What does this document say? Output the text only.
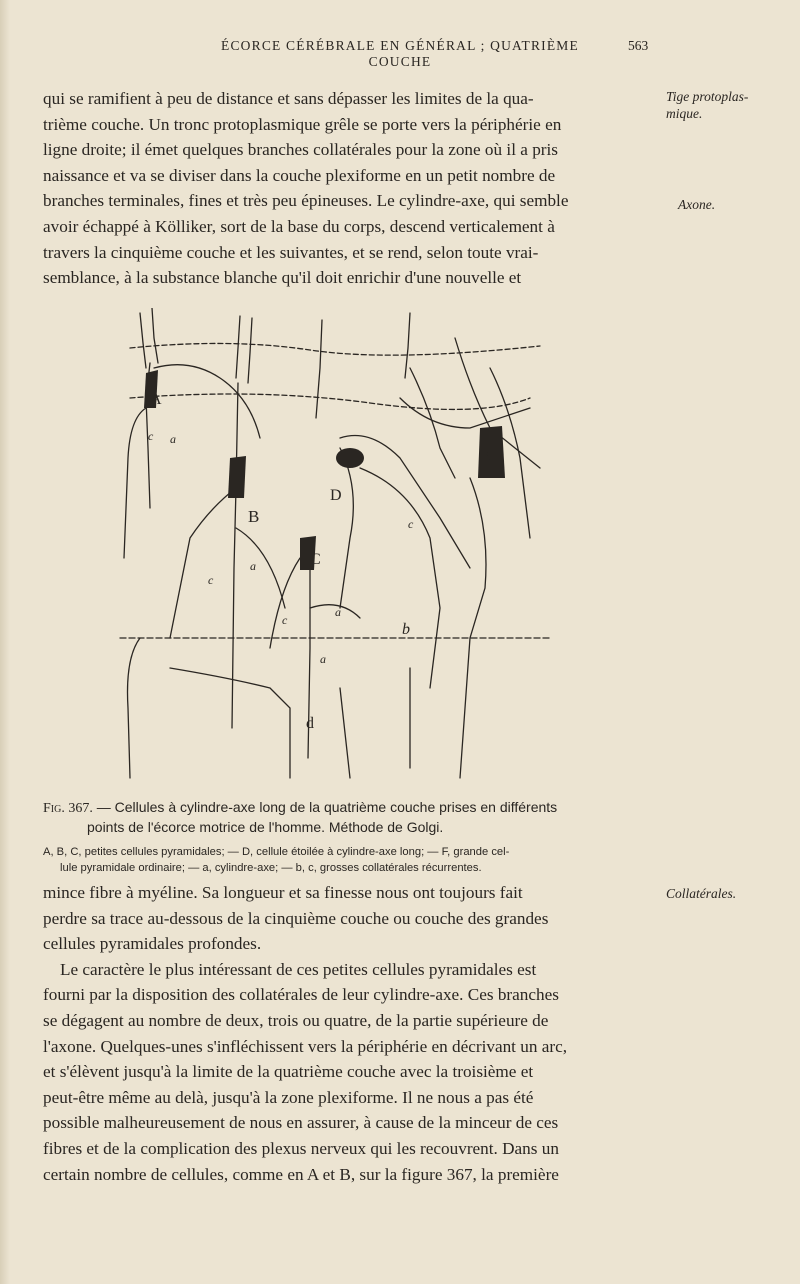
ÉCORCE CÉRÉBRALE EN GÉNÉRAL ; QUATRIÈME COUCHE
563
qui se ramifient à peu de distance et sans dépasser les limites de la qua-
trième couche. Un tronc protoplasmique grêle se porte vers la périphérie en
ligne droite; il émet quelques branches collatérales pour la zone où il a pris
naissance et va se diviser dans la couche plexiforme en un petit nombre de
branches terminales, fines et très peu épineuses. Le cylindre-axe, qui semble
avoir échappé à Kölliker, sort de la base du corps, descend verticalement à
travers la cinquième couche et les suivantes, et se rend, selon toute vrai-
semblance, à la substance blanche qu'il doit enrichir d'une nouvelle et
Tige protoplas-
mique.
Axone.
Collatérales.
A
B
C
D
E
a
a
a
a
b
c
c
c
c
d
Fig. 367. — Cellules à cylindre-axe long de la quatrième couche prises en différents
points de l'écorce motrice de l'homme. Méthode de Golgi.
A, B, C, petites cellules pyramidales; — D, cellule étoilée à cylindre-axe long; — F, grande cel-
lule pyramidale ordinaire; — a, cylindre-axe; — b, c, grosses collatérales récurrentes.
mince fibre à myéline. Sa longueur et sa finesse nous ont toujours fait
perdre sa trace au-dessous de la cinquième couche ou couche des grandes
cellules pyramidales profondes.
Le caractère le plus intéressant de ces petites cellules pyramidales est
fourni par la disposition des collatérales de leur cylindre-axe. Ces branches
se dégagent au nombre de deux, trois ou quatre, de la partie supérieure de
l'axone. Quelques-unes s'infléchissent vers la périphérie en décrivant un arc,
et s'élèvent jusqu'à la limite de la quatrième couche avec la troisième et
peut-être même au delà, jusqu'à la zone plexiforme. Il ne nous a pas été
possible malheureusement de nous en assurer, à cause de la minceur de ces
fibres et de la complication des plexus nerveux qui les recouvrent. Dans un
certain nombre de cellules, comme en A et B, sur la figure 367, la première
